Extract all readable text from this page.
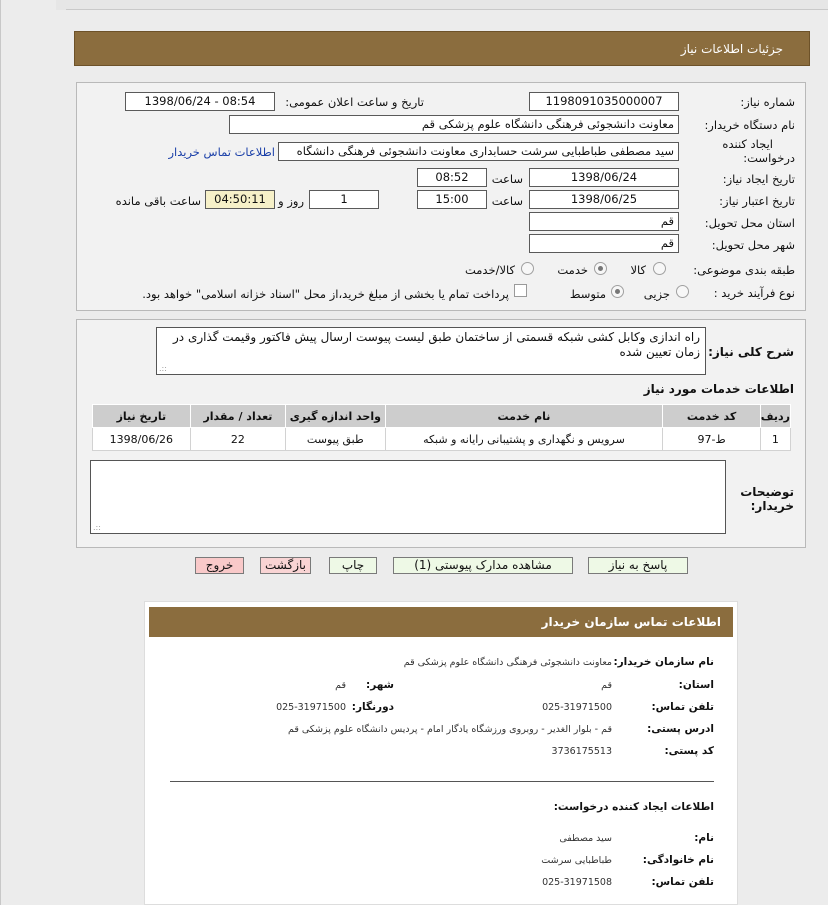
جزئیات اطلاعات نیاز
شماره نیاز:
1198091035000007
تاریخ و ساعت اعلان عمومی:
1398/06/24 - 08:54
نام دستگاه خریدار:
معاونت دانشجوئی فرهنگی دانشگاه علوم پزشکی قم
ایجاد کننده
درخواست:
سید مصطفی طباطبایی سرشت حسابداری معاونت دانشجوئی فرهنگی دانشگاه
اطلاعات تماس خریدار
تاریخ ایجاد نیاز:
1398/06/24
ساعت
08:52
تاریخ اعتبار نیاز:
1398/06/25
ساعت
15:00
1
روز و
04:50:11
ساعت باقی مانده
استان محل تحویل:
قم
شهر محل تحویل:
قم
طبقه بندی موضوعی:
کالا
خدمت
کالا/خدمت
نوع فرآیند خرید :
جزیی
متوسط
پرداخت تمام یا بخشی از مبلغ خرید،از محل "اسناد خزانه اسلامی" خواهد بود.
شرح کلی نیاز:
راه اندازی وکابل کشی شبکه قسمتی از ساختمان طبق لیست پیوست ارسال پیش فاکتور وقیمت گذاری در زمان تعیین شده
::.
اطلاعات خدمات مورد نیاز
ردیف	کد خدمت	نام خدمت	واحد اندازه گیری	تعداد / مقدار	تاریخ نیاز
1	ط-97	سرویس و نگهداری و پشتیبانی رایانه و شبکه	طبق پیوست	22	1398/06/26
توضیحات
خریدار:
::.
پاسخ به نیاز
مشاهده مدارک پیوستی (1)
چاپ
بازگشت
خروج
اطلاعات تماس سازمان خریدار
نام سازمان خریدار:
معاونت دانشجوئی فرهنگی دانشگاه علوم پزشکی قم
استان:
قم
شهر:
قم
تلفن تماس:
025-31971500
دورنگار:
025-31971500
ادرس پستی:
قم - بلوار الغدیر - روبروی ورزشگاه یادگار امام - پردیس دانشگاه علوم پزشکی قم
کد پستی:
3736175513
اطلاعات ایجاد کننده درخواست:
نام:
سید مصطفی
نام خانوادگی:
طباطبایی سرشت
تلفن تماس:
025-31971508
